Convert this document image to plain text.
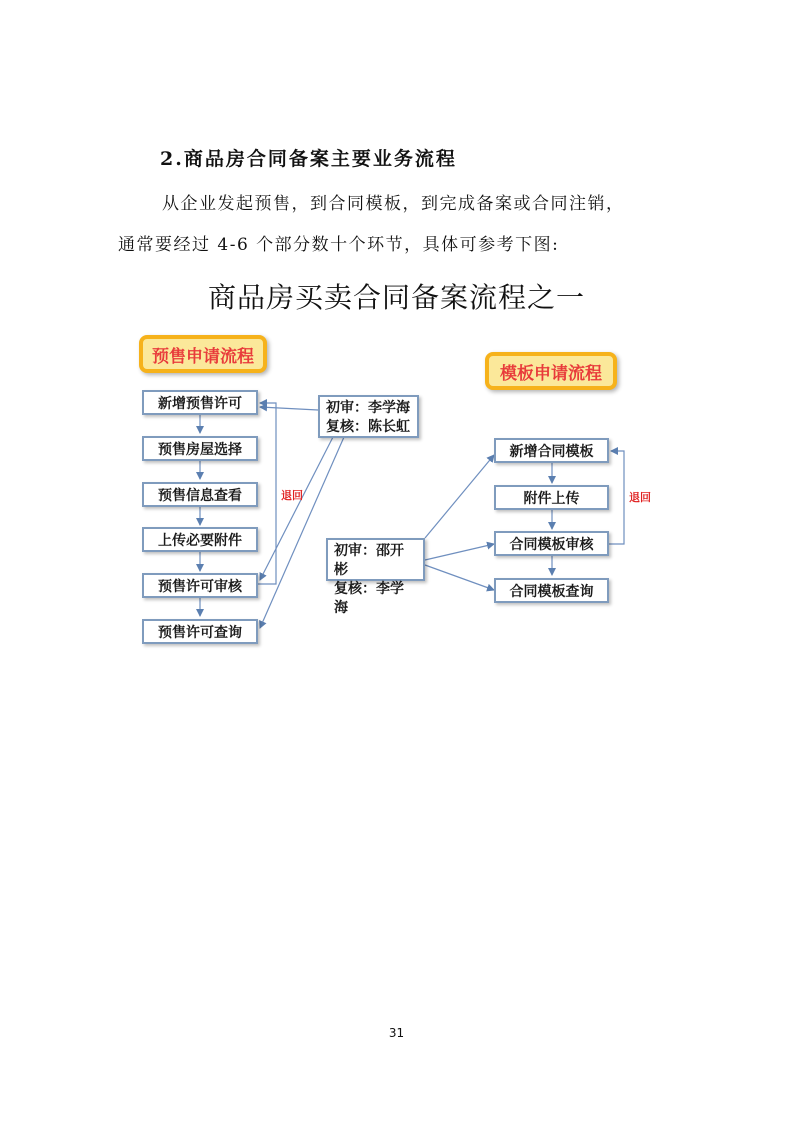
2.商品房合同备案主要业务流程
从企业发起预售，到合同模板，到完成备案或合同注销，
通常要经过 4-6 个部分数十个环节，具体可参考下图:
商品房买卖合同备案流程之一
预售申请流程
新增预售许可
预售房屋选择
预售信息查看
上传必要附件
预售许可审核
预售许可查询
退回
初审：李学海
复核：陈长虹
模板申请流程
新增合同模板
附件上传
合同模板审核
合同模板查询
退回
初审：邵开彬
复核：李学海
31
